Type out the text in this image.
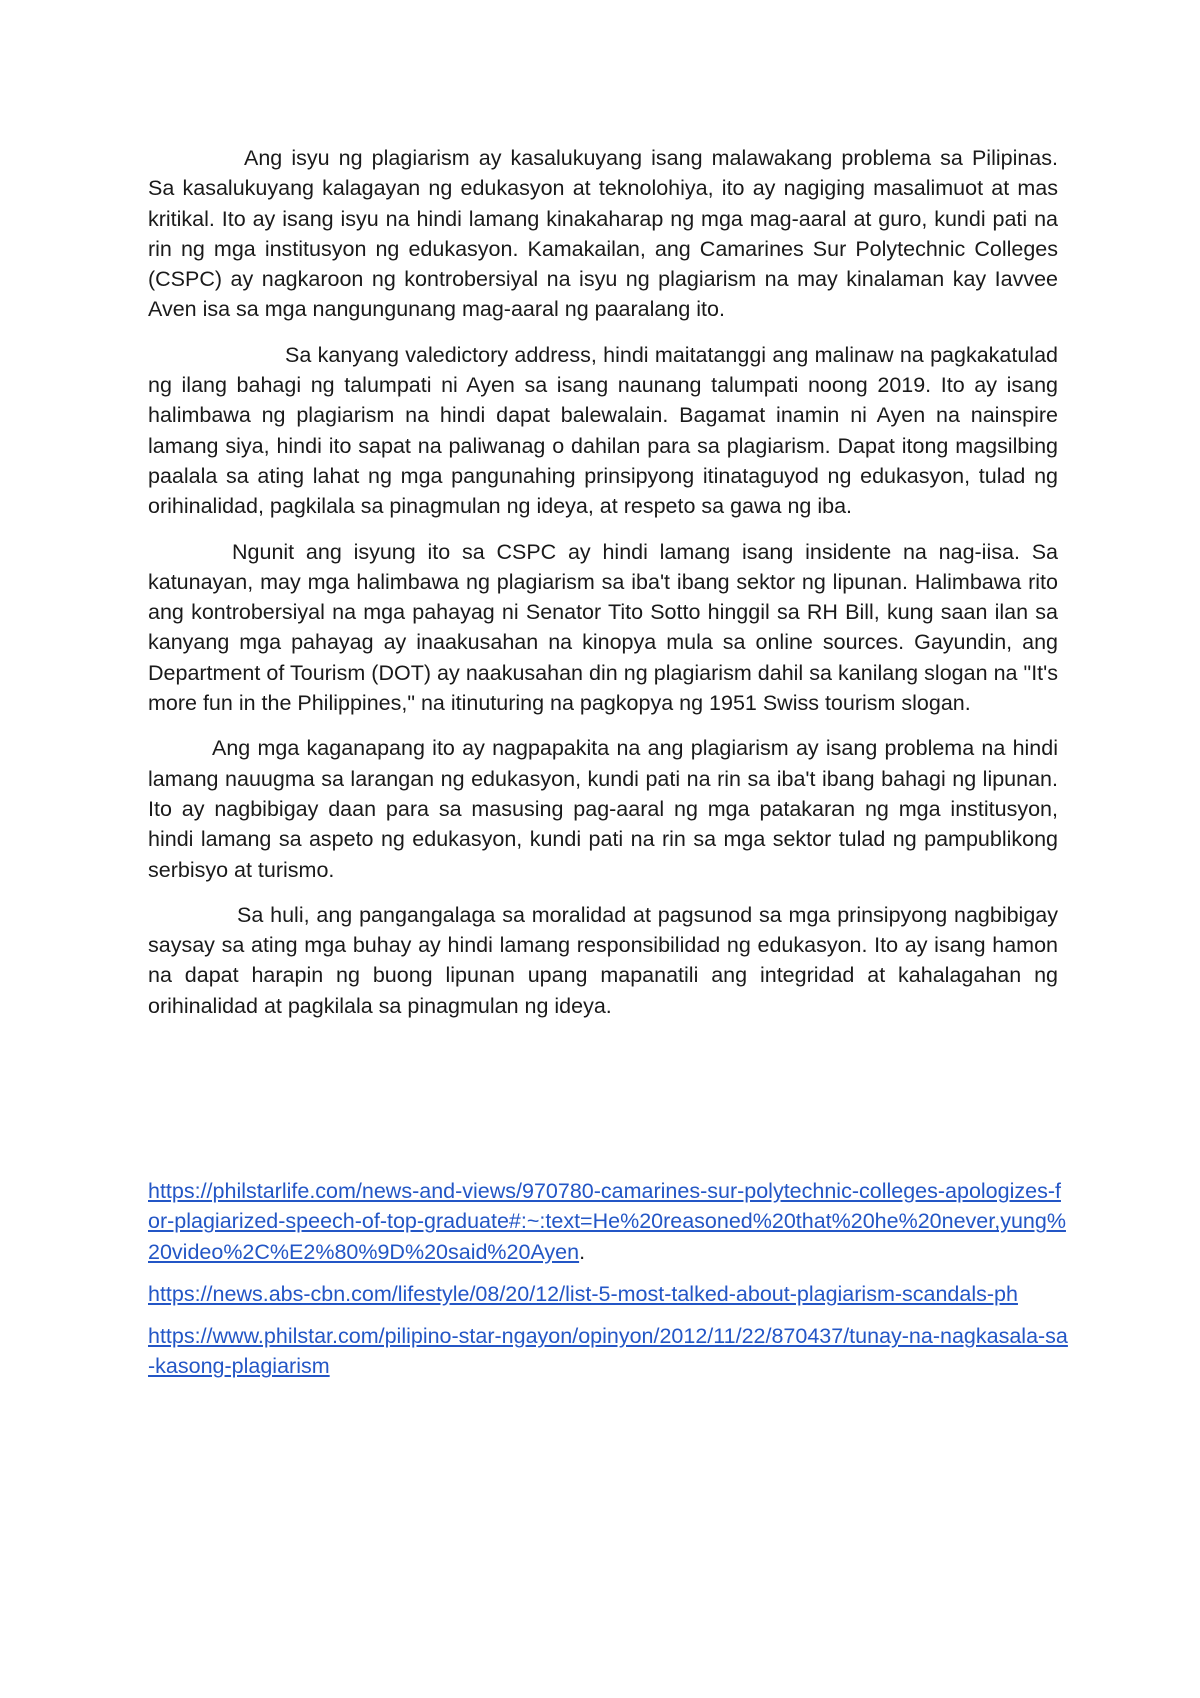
Ang isyu ng plagiarism ay kasalukuyang isang malawakang problema sa Pilipinas. Sa kasalukuyang kalagayan ng edukasyon at teknolohiya, ito ay nagiging masalimuot at mas kritikal. Ito ay isang isyu na hindi lamang kinakaharap ng mga mag-aaral at guro, kundi pati na rin ng mga institusyon ng edukasyon. Kamakailan, ang Camarines Sur Polytechnic Colleges (CSPC) ay nagkaroon ng kontrobersiyal na isyu ng plagiarism na may kinalaman kay Iavvee Aven isa sa mga nangungunang mag-aaral ng paaralang ito.

Sa kanyang valedictory address, hindi maitatanggi ang malinaw na pagkakatulad ng ilang bahagi ng talumpati ni Ayen sa isang naunang talumpati noong 2019. Ito ay isang halimbawa ng plagiarism na hindi dapat balewalain. Bagamat inamin ni Ayen na nainspire lamang siya, hindi ito sapat na paliwanag o dahilan para sa plagiarism. Dapat itong magsilbing paalala sa ating lahat ng mga pangunahing prinsipyong itinataguyod ng edukasyon, tulad ng orihinalidad, pagkilala sa pinagmulan ng ideya, at respeto sa gawa ng iba.

Ngunit ang isyung ito sa CSPC ay hindi lamang isang insidente na nag-iisa. Sa katunayan, may mga halimbawa ng plagiarism sa iba't ibang sektor ng lipunan. Halimbawa rito ang kontrobersiyal na mga pahayag ni Senator Tito Sotto hinggil sa RH Bill, kung saan ilan sa kanyang mga pahayag ay inaakusahan na kinopya mula sa online sources. Gayundin, ang Department of Tourism (DOT) ay naakusahan din ng plagiarism dahil sa kanilang slogan na "It's more fun in the Philippines," na itinuturing na pagkopya ng 1951 Swiss tourism slogan.

Ang mga kaganapang ito ay nagpapakita na ang plagiarism ay isang problema na hindi lamang nauugma sa larangan ng edukasyon, kundi pati na rin sa iba't ibang bahagi ng lipunan. Ito ay nagbibigay daan para sa masusing pag-aaral ng mga patakaran ng mga institusyon, hindi lamang sa aspeto ng edukasyon, kundi pati na rin sa mga sektor tulad ng pampublikong serbisyo at turismo.

Sa huli, ang pangangalaga sa moralidad at pagsunod sa mga prinsipyong nagbibigay saysay sa ating mga buhay ay hindi lamang responsibilidad ng edukasyon. Ito ay isang hamon na dapat harapin ng buong lipunan upang mapanatili ang integridad at kahalagahan ng orihinalidad at pagkilala sa pinagmulan ng ideya.

https://philstarlife.com/news-and-views/970780-camarines-sur-polytechnic-colleges-apologizes-for-plagiarized-speech-of-top-graduate#:~:text=He%20reasoned%20that%20he%20never,yung%20video%2C%E2%80%9D%20said%20Ayen.

https://news.abs-cbn.com/lifestyle/08/20/12/list-5-most-talked-about-plagiarism-scandals-ph

https://www.philstar.com/pilipino-star-ngayon/opinyon/2012/11/22/870437/tunay-na-nagkasala-sa-kasong-plagiarism
